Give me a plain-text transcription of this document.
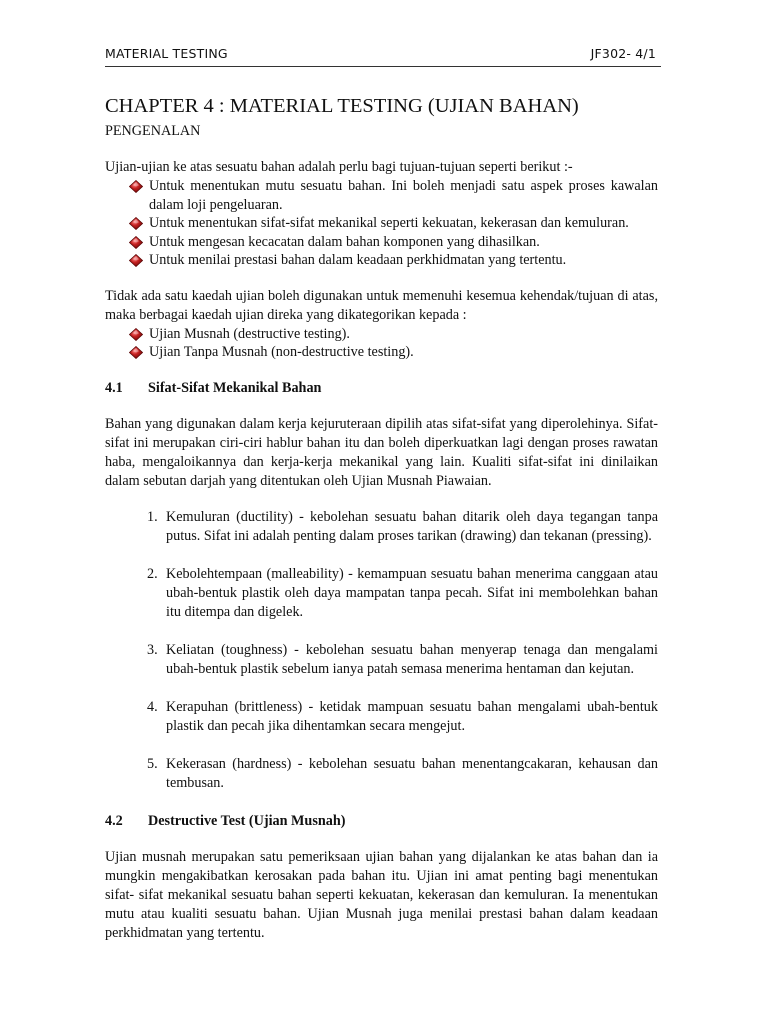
MATERIAL TESTING	JF302- 4/1
CHAPTER 4 : MATERIAL TESTING (UJIAN BAHAN)
PENGENALAN

Ujian-ujian ke atas sesuatu bahan adalah perlu bagi tujuan-tujuan seperti berikut :-

Untuk menentukan mutu sesuatu bahan. Ini boleh menjadi satu aspek proses kawalan dalam loji pengeluaran.
Untuk menentukan sifat-sifat mekanikal seperti kekuatan, kekerasan dan kemuluran.
Untuk mengesan kecacatan dalam bahan komponen yang dihasilkan.
Untuk menilai prestasi bahan dalam keadaan perkhidmatan yang tertentu.

Tidak ada satu kaedah ujian boleh digunakan untuk memenuhi kesemua kehendak/tujuan di atas, maka berbagai kaedah ujian direka yang dikategorikan kepada :

Ujian Musnah (destructive testing).
Ujian Tanpa Musnah (non-destructive testing).
4.1	Sifat-Sifat Mekanikal Bahan

Bahan yang digunakan dalam kerja kejuruteraan dipilih atas sifat-sifat yang diperolehinya. Sifat-sifat ini merupakan ciri-ciri hablur bahan itu dan boleh diperkuatkan lagi dengan proses rawatan haba, mengaloikannya dan kerja-kerja mekanikal yang lain. Kualiti sifat-sifat ini dinilaikan dalam sebutan darjah yang ditentukan oleh Ujian Musnah Piawaian.

1. Kemuluran (ductility) - kebolehan sesuatu bahan ditarik oleh daya tegangan tanpa putus. Sifat ini adalah penting dalam proses tarikan (drawing) dan tekanan (pressing).
2. Kebolehtempaan (malleability) - kemampuan sesuatu bahan menerima canggaan atau ubah-bentuk plastik oleh daya mampatan tanpa pecah. Sifat ini membolehkan bahan itu ditempa dan digelek.
3. Keliatan (toughness) - kebolehan sesuatu bahan menyerap tenaga dan mengalami ubah-bentuk plastik sebelum ianya patah semasa menerima hentaman dan kejutan.
4. Kerapuhan (brittleness) - ketidak mampuan sesuatu bahan mengalami ubah-bentuk plastik dan pecah jika dihentamkan secara mengejut.
5. Kekerasan (hardness) - kebolehan sesuatu bahan menentangcakaran, kehausan dan tembusan.
4.2	Destructive Test (Ujian Musnah)

Ujian musnah merupakan satu pemeriksaan ujian bahan yang dijalankan ke atas bahan dan ia mungkin mengakibatkan kerosakan pada bahan itu. Ujian ini amat penting bagi menentukan sifat- sifat mekanikal sesuatu bahan seperti kekuatan, kekerasan dan kemuluran. Ia menentukan mutu atau kualiti sesuatu bahan. Ujian Musnah juga menilai prestasi bahan dalam keadaan perkhidmatan yang tertentu.
